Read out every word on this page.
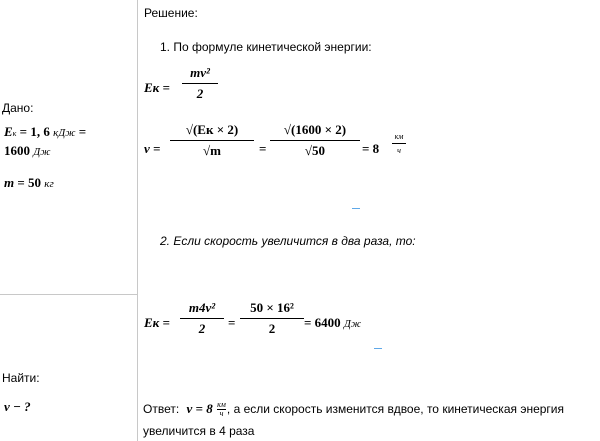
Дано:
Eк = 1, 6 кДж =
1600 Дж
m = 50 кг
Найти:
v − ?
Решение:
1. По формуле кинетической энергии:
Eк =
mv²
2
v =
√(Eк × 2)
√m	=
√(1600 × 2)
√50	= 8
км
ч
2. Если скорость увеличится в два раза, то:
Eк =
m4v²
2	=
50 × 16²
2	= 6400 Дж
Ответ: v = 8 км
ч , а если скорость изменится вдвое, то кинетическая энергия
увеличится в 4 раза
